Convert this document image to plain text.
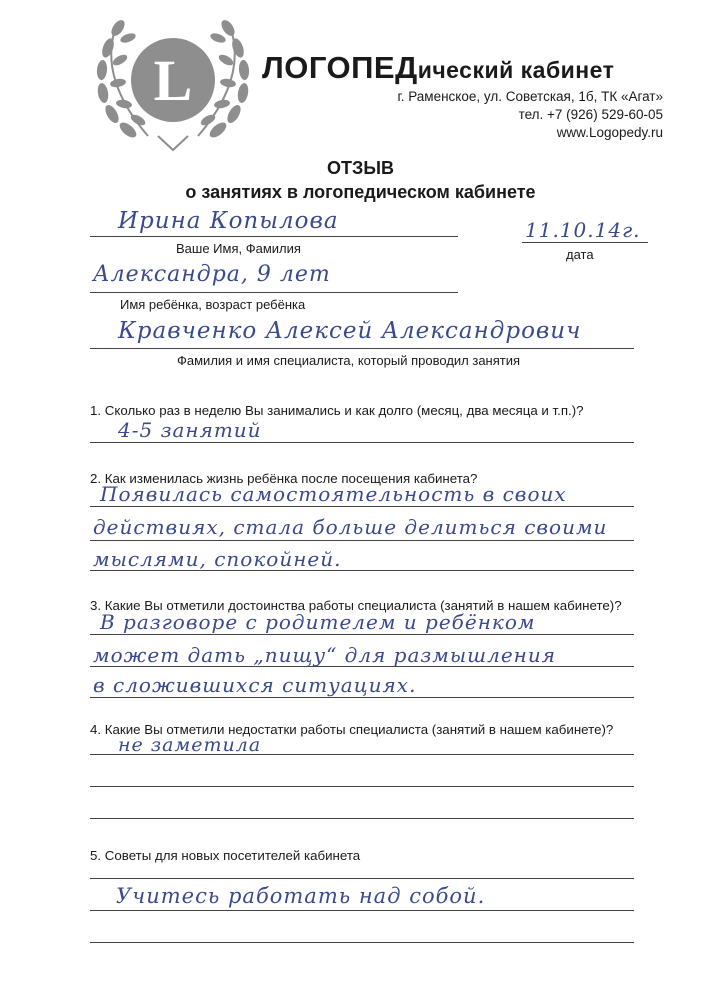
L ЛОГОПЕДический кабинет
г. Раменское, ул. Советская, 1б, ТК «Агат»
тел. +7 (926) 529-60-05
www.Logopedy.ru
ОТЗЫВ
о занятиях в логопедическом кабинете
Ирина Копылова
Ваше Имя, Фамилия
11.10.14г.
дата
Александра, 9 лет
Имя ребёнка, возраст ребёнка
Кравченко Алексей Александрович
Фамилия и имя специалиста, который проводил занятия
1. Сколько раз в неделю Вы занимались и как долго (месяц, два месяца и т.п.)?
4-5 занятий
2. Как изменилась жизнь ребёнка после посещения кабинета?
Появилась самостоятельность в своих
действиях, стала больше делиться своими
мыслями, спокойней.
3. Какие Вы отметили достоинства работы специалиста (занятий в нашем кабинете)?
В разговоре с родителем и ребёнком
может дать „пищу“ для размышления
в сложившихся ситуациях.
4. Какие Вы отметили недостатки работы специалиста (занятий в нашем кабинете)?
не заметила
5. Советы для новых посетителей кабинета
Учитесь работать над собой.
